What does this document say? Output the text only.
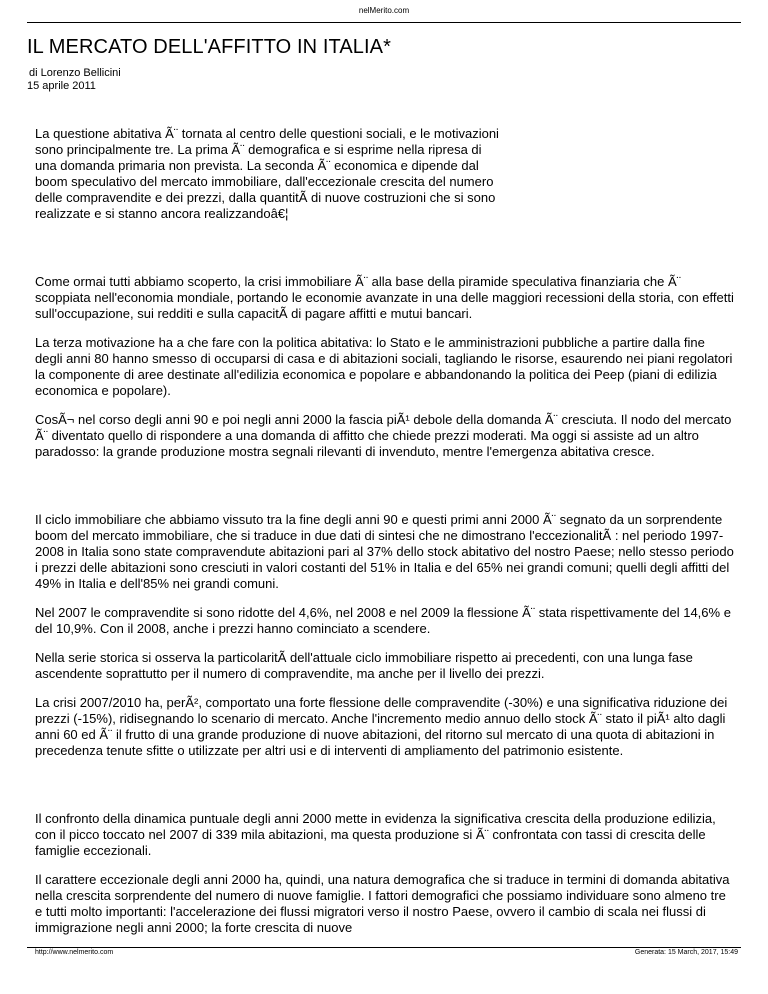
nelMerito.com
IL MERCATO DELL'AFFITTO IN ITALIA*
di Lorenzo Bellicini
15 aprile 2011

La questione abitativa Ã¨ tornata al centro delle questioni sociali, e le motivazioni sono principalmente tre. La prima Ã¨ demografica e si esprime nella ripresa di una domanda primaria non prevista. La seconda Ã¨ economica e dipende dal boom speculativo del mercato immobiliare, dall'eccezionale crescita del numero delle compravendite e dei prezzi, dalla quantitÃ di nuove costruzioni che si sono realizzate e si stanno ancora realizzandoâ€¦

Come ormai tutti abbiamo scoperto, la crisi immobiliare Ã¨ alla base della piramide speculativa finanziaria che Ã¨ scoppiata nell'economia mondiale, portando le economie avanzate in una delle maggiori recessioni della storia, con effetti sull'occupazione, sui redditi e sulla capacitÃ di pagare affitti e mutui bancari.

La terza motivazione ha a che fare con la politica abitativa: lo Stato e le amministrazioni pubbliche a partire dalla fine degli anni 80 hanno smesso di occuparsi di casa e di abitazioni sociali, tagliando le risorse, esaurendo nei piani regolatori la componente di aree destinate all'edilizia economica e popolare e abbandonando la politica dei Peep (piani di edilizia economica e popolare).

CosÃ¬ nel corso degli anni 90 e poi negli anni 2000 la fascia piÃ¹ debole della domanda Ã¨ cresciuta. Il nodo del mercato Ã¨ diventato quello di rispondere a una domanda di affitto che chiede prezzi moderati. Ma oggi si assiste ad un altro paradosso: la grande produzione mostra segnali rilevanti di invenduto, mentre l'emergenza abitativa cresce.

Il ciclo immobiliare che abbiamo vissuto tra la fine degli anni 90 e questi primi anni 2000 Ã¨ segnato da un sorprendente boom del mercato immobiliare, che si traduce in due dati di sintesi che ne dimostrano l'eccezionalitÃ : nel periodo 1997-2008 in Italia sono state compravendute abitazioni pari al 37% dello stock abitativo del nostro Paese; nello stesso periodo i prezzi delle abitazioni sono cresciuti in valori costanti del 51% in Italia e del 65% nei grandi comuni; quelli degli affitti del 49% in Italia e dell'85% nei grandi comuni.

Nel 2007 le compravendite si sono ridotte del 4,6%, nel 2008 e nel 2009 la flessione Ã¨ stata rispettivamente del 14,6% e del 10,9%. Con il 2008, anche i prezzi hanno cominciato a scendere.

Nella serie storica si osserva la particolaritÃ dell'attuale ciclo immobiliare rispetto ai precedenti, con una lunga fase ascendente soprattutto per il numero di compravendite, ma anche per il livello dei prezzi.

La crisi 2007/2010 ha, perÃ², comportato una forte flessione delle compravendite (-30%) e una significativa riduzione dei prezzi (-15%), ridisegnando lo scenario di mercato. Anche l'incremento medio annuo dello stock Ã¨ stato il piÃ¹ alto dagli anni 60 ed Ã¨ il frutto di una grande produzione di nuove abitazioni, del ritorno sul mercato di una quota di abitazioni in precedenza tenute sfitte o utilizzate per altri usi e di interventi di ampliamento del patrimonio esistente.

Il confronto della dinamica puntuale degli anni 2000 mette in evidenza la significativa crescita della produzione edilizia, con il picco toccato nel 2007 di 339 mila abitazioni, ma questa produzione si Ã¨ confrontata con tassi di crescita delle famiglie eccezionali.

Il carattere eccezionale degli anni 2000 ha, quindi, una natura demografica che si traduce in termini di domanda abitativa nella crescita sorprendente del numero di nuove famiglie. I fattori demografici che possiamo individuare sono almeno tre e tutti molto importanti: l'accelerazione dei flussi migratori verso il nostro Paese, ovvero il cambio di scala nei flussi di immigrazione negli anni 2000; la forte crescita di nuove

http://www.nelmerito.com	Generata: 15 March, 2017, 15:49
